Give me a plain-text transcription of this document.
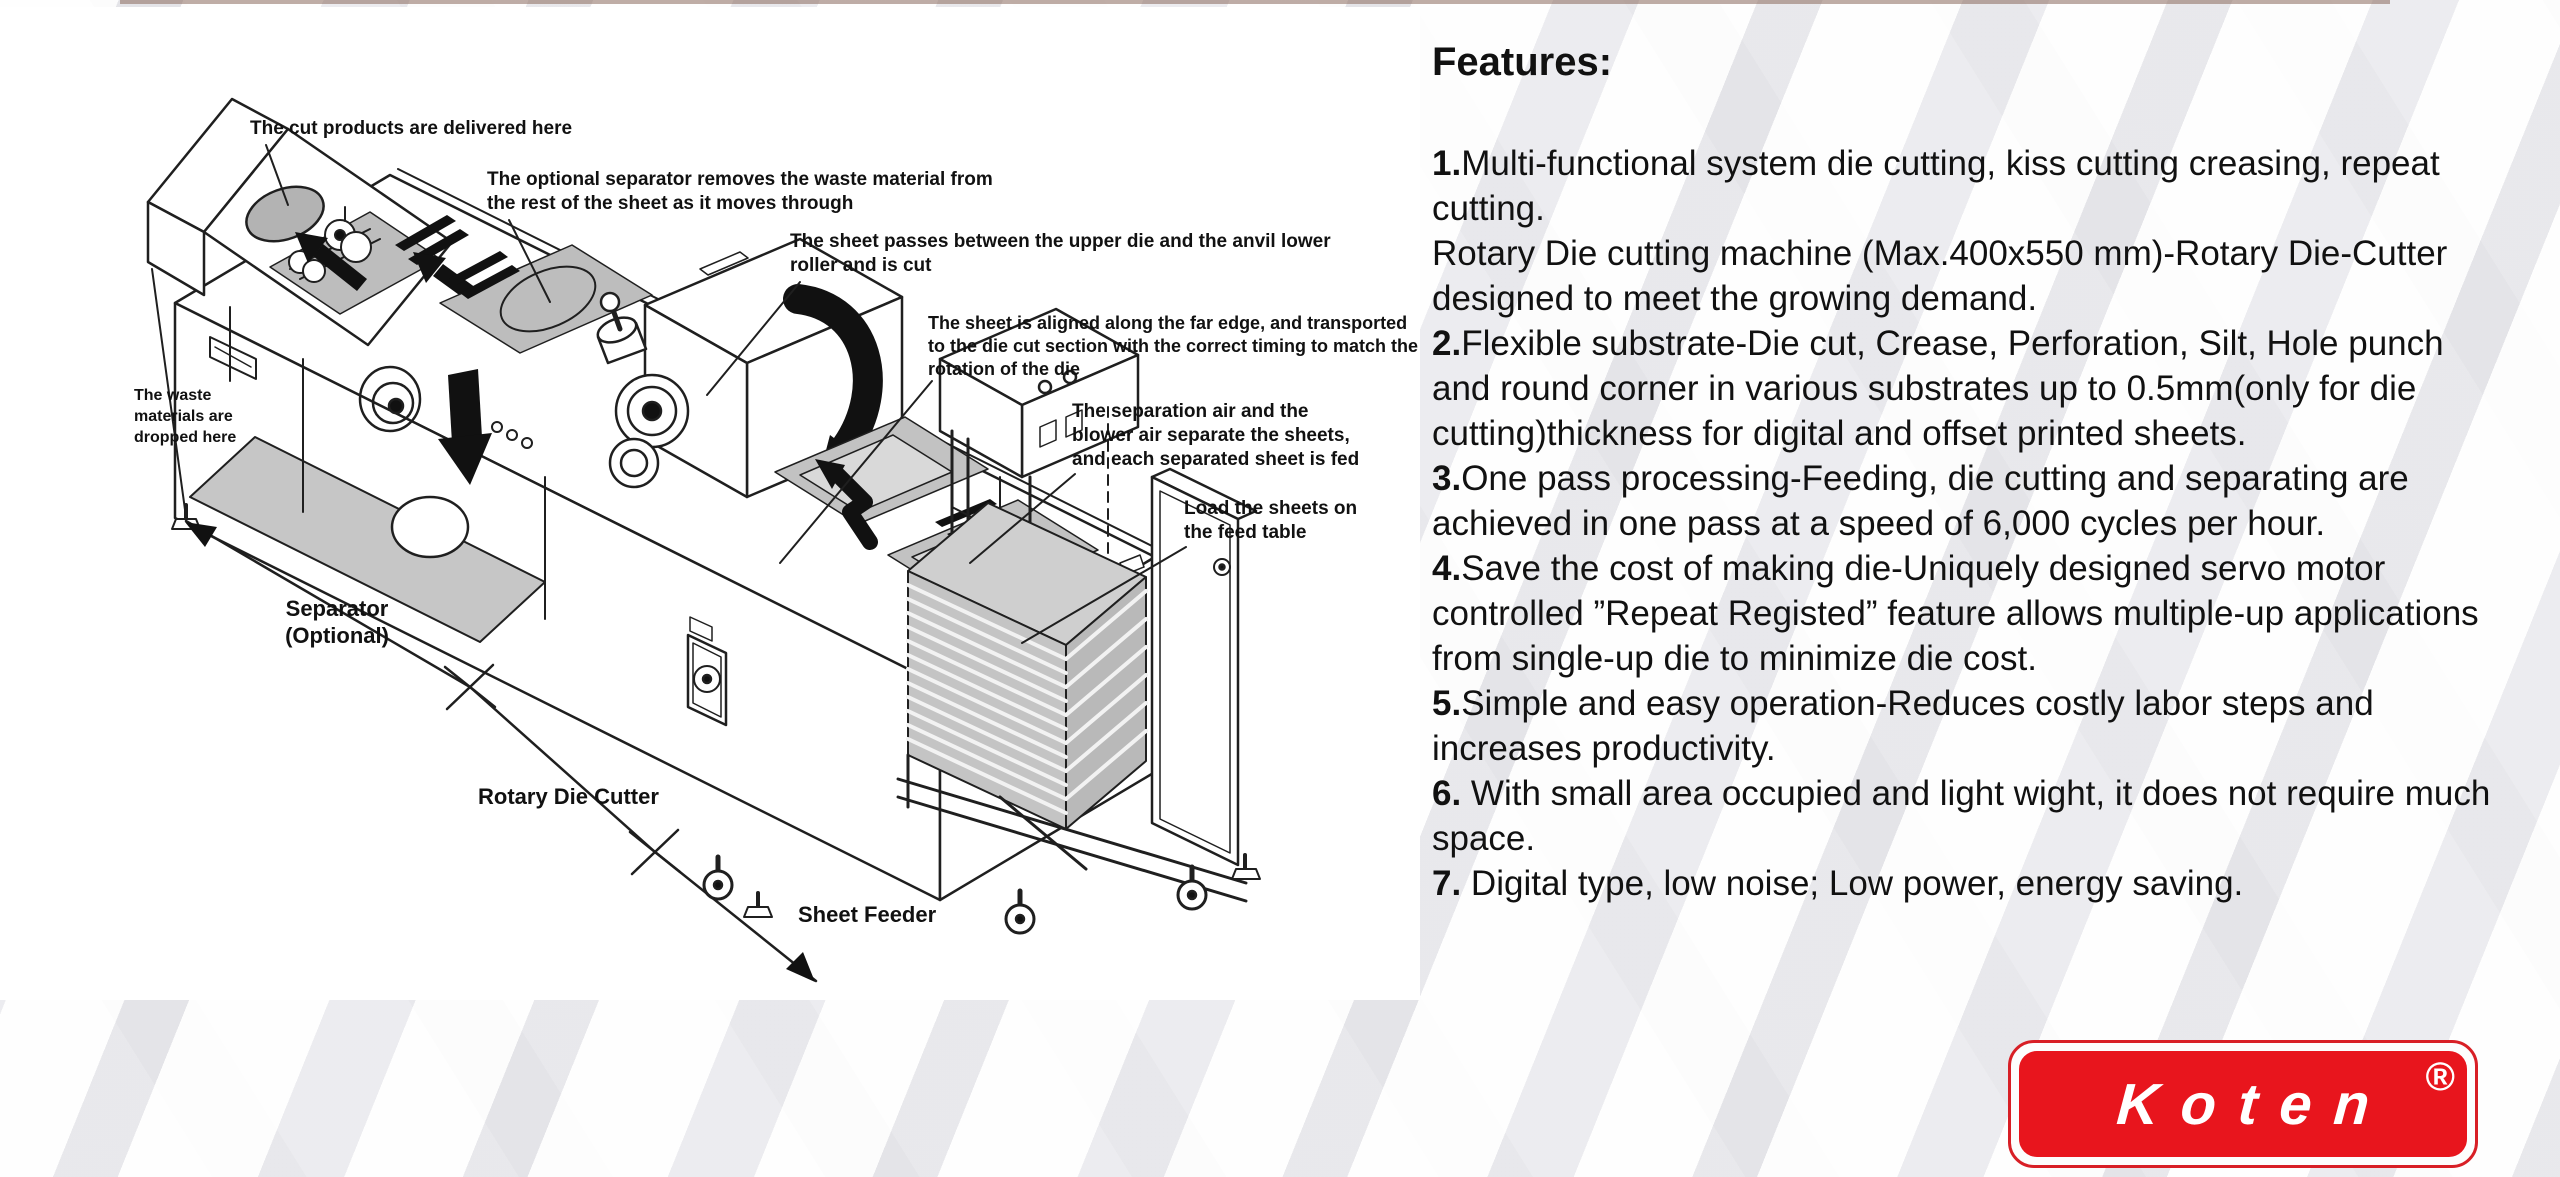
The cut products are delivered here
The optional separator removes the waste material from the rest of the sheet as it moves through
The sheet passes between the upper die and the anvil lower roller and is cut
The sheet is aligned along the far edge, and transported to the die cut section with the correct timing to match the rotation of the die
The separation air and the blower air separate the sheets, and each separated sheet is fed
Load the sheets on the feed table
The waste materials are dropped here
Separator (Optional)
Rotary Die Cutter
Sheet Feeder
Features:

1.Multi-functional system die cutting, kiss cutting creasing, repeat cutting.

Rotary Die cutting machine (Max.400x550 mm)-Rotary Die-Cutter designed to meet the growing demand.

2.Flexible substrate-Die cut, Crease, Perforation, Silt, Hole punch and round corner in various substrates up to 0.5mm(only for die cutting)thickness for digital and offset printed sheets.

3.One pass processing-Feeding, die cutting and separating are achieved in one pass at a speed of 6,000 cycles per hour.

4.Save the cost of making die-Uniquely designed servo motor controlled ”Repeat Registed” feature allows multiple-up applications from single-up die to minimize die cost.

5.Simple and easy operation-Reduces costly labor steps and increases productivity.

6. With small area occupied and light wight, it does not require much space.

7. Digital type, low noise; Low power, energy saving.

Koten ®
